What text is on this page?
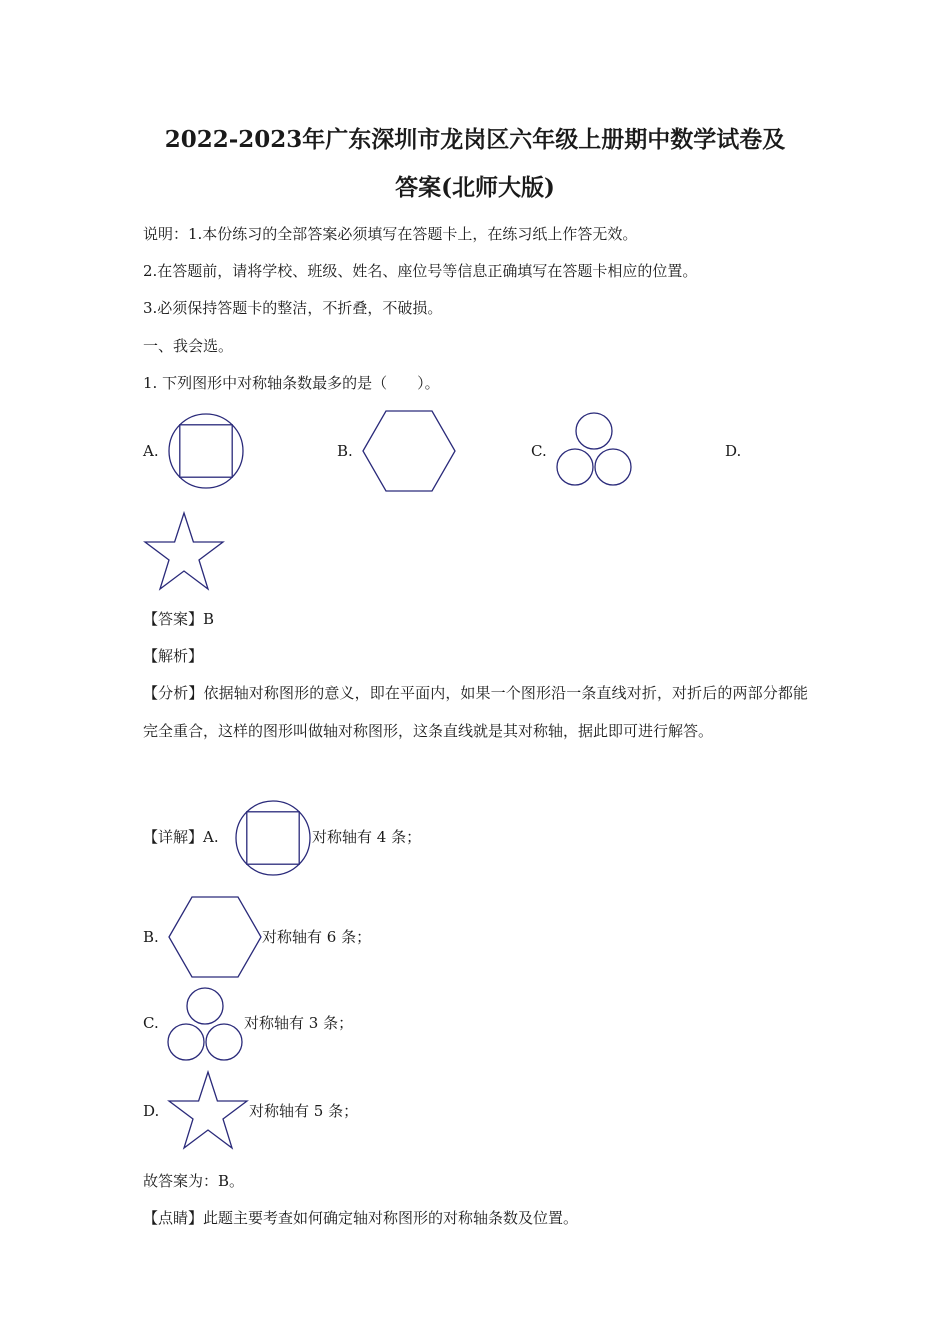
2022-2023年广东深圳市龙岗区六年级上册期中数学试卷及
答案(北师大版)
说明：1.本份练习的全部答案必须填写在答题卡上，在练习纸上作答无效。
2.在答题前，请将学校、班级、姓名、座位号等信息正确填写在答题卡相应的位置。
3.必须保持答题卡的整洁，不折叠，不破损。
一、我会选。
1. 下列图形中对称轴条数最多的是（　　）。
A.	B.	C.	D.
【答案】B
【解析】
【分析】依据轴对称图形的意义，即在平面内，如果一个图形沿一条直线对折，对折后的两部分都能完全重合，这样的图形叫做轴对称图形，这条直线就是其对称轴，据此即可进行解答。
【详解】A.	对称轴有 4 条；
B.	对称轴有 6 条；
C.	对称轴有 3 条；
D.	对称轴有 5 条；
故答案为：B。
【点睛】此题主要考查如何确定轴对称图形的对称轴条数及位置。
